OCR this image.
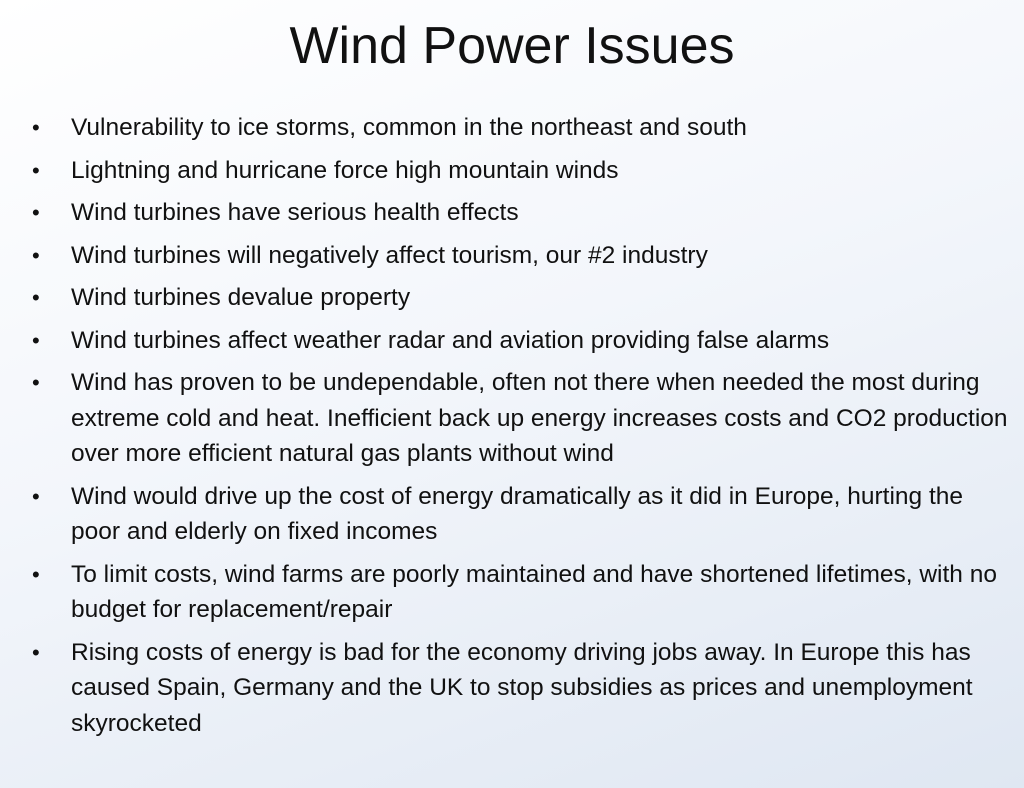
Wind Power Issues
• Vulnerability to ice storms, common in the northeast and south
• Lightning and hurricane force high mountain winds
• Wind turbines have serious health effects
• Wind turbines will negatively affect tourism, our #2 industry
• Wind turbines devalue property
• Wind turbines affect weather radar and aviation providing false alarms
• Wind has proven to be undependable, often not there when needed the most during extreme cold and heat. Inefficient back up energy increases costs and CO2 production over more efficient natural gas plants without wind
• Wind would drive up the cost of energy dramatically as it did in Europe, hurting the poor and elderly on fixed incomes
• To limit costs, wind farms are poorly maintained and have shortened lifetimes, with no budget for replacement/repair
• Rising costs of energy is bad for the economy driving jobs away. In Europe this has caused Spain, Germany and the UK to stop subsidies as prices and unemployment skyrocketed
